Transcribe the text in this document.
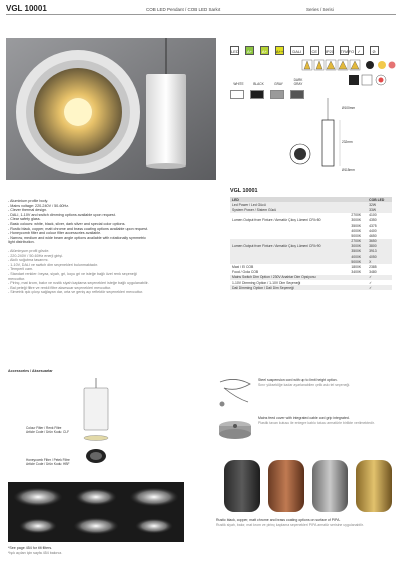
VGL 10001	COB LED Pendant / COB LED Sarkıt	Series / Serisi
LED A+ A+ A++ DALI	CE IP20 TRAFO ✓	⊘
WHITE	BLACK	GRAY
DARK GRAY
Ø100mm
232mm
Ø115mm
- Aluminium profile body.
- Mains voltage: 220-240V / 50-60Hz.
- Clever thermal design.
- DALI, 1-10V and switch dimming options available upon request.
- Clear safety glass.
- Basic colours: white, black, silver, dark silver and special color options.
- Rustic black, copper, matt chrome and brass coating options available upon request.
- Honeycomb filter and colour filter accessories available.
- Narrow, medium and wide beam angle options available with rotationally symmetric
light distribution.
- Alüminyum profil gövde.
- 220-240V / 50-60Hz enerji girişi.
- Akıllı soğutma tasarımı.
- 1-10V, DALI ve switch dim seçenekleri bulunmaktadır.
- Temperli cam.
- Standart renkler: beyaz, siyah, gri, koyu gri ve isteğe bağlı özel renk seçeneği
mevcuttur.
- Pirinç, mat krom, bakır ve rustik siyah kaplama seçenekleri isteğe bağlı uygulanabilir.
- Bal peteği filtre ve renkli filtre aksesuar seçenekleri mevcuttur.
- Simetrik ışık çıkışı sağlayan dar, orta ve geniş açı reflektör seçenekleri mevcuttur.
VGL 10001
LED		COB LED
Led Power / Led Gücü		32W
System Power / Sistem Gücü		33W
	2700K	4100
Lumen Output from Fixture / Armatür Çıkış Lümeni CRI>80	3000K	4350
	3500K	4375
	4000K	4400
	5000K	4650
	2700K	3650
Lumen Output from Fixture / Armatür Çıkış Lümeni CRI>90	3000K	3800
	3500K	3913
	4000K	4050
	5000K	X
Maxi / El COB	1800K	2385
Food / Gıda COB	3400K	3480
Mains Switch Dim Option / 230V Anahtar Dim Opsiyonu		✓
1-10V Dimming Option / 1-10V Dim Seçeneği		✓
Dali Dimming Option / Dali Dim Seçeneği		✓
Accessories / Aksesuarlar
Colour Filter / Renk Filtre
Article Code / Ürün Kodu: CLF
Honeycomb Filter / Petek Filtre
Article Code / Ürün Kodu: HBF
*See page 454 for tilt filters.
*Işık açıları için sayfa 454 bakınız.
Steel suspension cord with up to limit height option.
Sınır yüksekliğe kadar ayarlanabilen çelik askı tel seçeneği.
Mains feed cover with integrated cable cord grip integrated.
Plastik tavan kutusu ile entegre kablo tutucu armatürle birlikte verilmektedir.
Rustic black, copper, matt chrome and brass coating options on surface of PIPA.
Rustik siyah, bakır, mat krom ve pirinç kaplama seçenekleri PIPA armatür serisine uygulanabilir.
